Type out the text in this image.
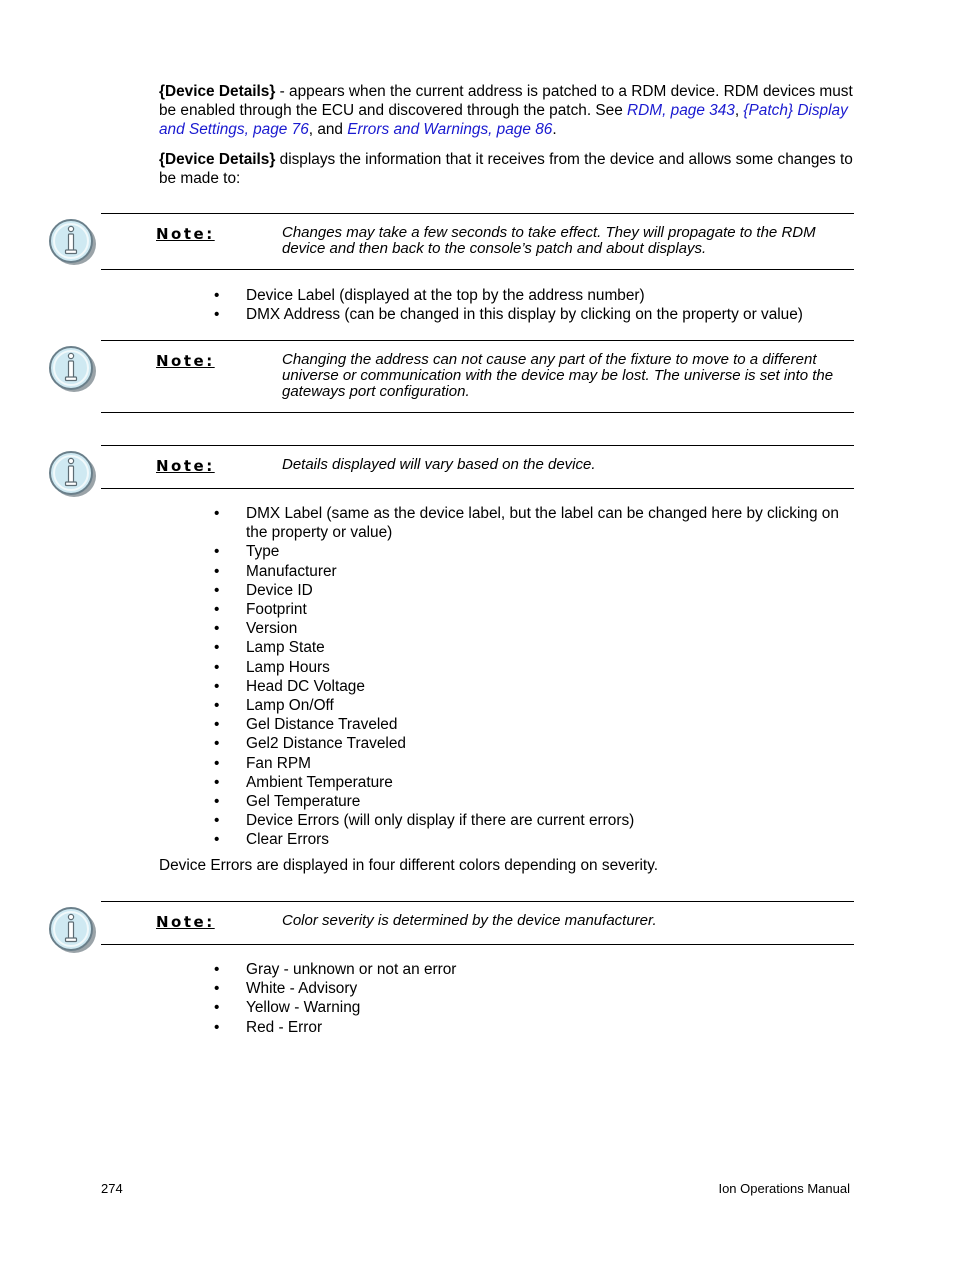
{Device Details} - appears when the current address is patched to a RDM device. RDM devices must be enabled through the ECU and discovered through the patch. See RDM, page 343, {Patch} Display and Settings, page 76, and Errors and Warnings, page 86.
{Device Details} displays the information that it receives from the device and allows some changes to be made to:
Note:	Changes may take a few seconds to take effect. They will propagate to the RDM device and then back to the console’s patch and about displays.
• Device Label (displayed at the top by the address number)
• DMX Address (can be changed in this display by clicking on the property or value)
Note:	Changing the address can not cause any part of the fixture to move to a different universe or communication with the device may be lost. The universe is set into the gateways port configuration.
Note:	Details displayed will vary based on the device.
• DMX Label (same as the device label, but the label can be changed here by clicking on the property or value)
• Type
• Manufacturer
• Device ID
• Footprint
• Version
• Lamp State
• Lamp Hours
• Head DC Voltage
• Lamp On/Off
• Gel Distance Traveled
• Gel2 Distance Traveled
• Fan RPM
• Ambient Temperature
• Gel Temperature
• Device Errors (will only display if there are current errors)
• Clear Errors
Device Errors are displayed in four different colors depending on severity.
Note:	Color severity is determined by the device manufacturer.
• Gray - unknown or not an error
• White - Advisory
• Yellow - Warning
• Red - Error
274	Ion Operations Manual
